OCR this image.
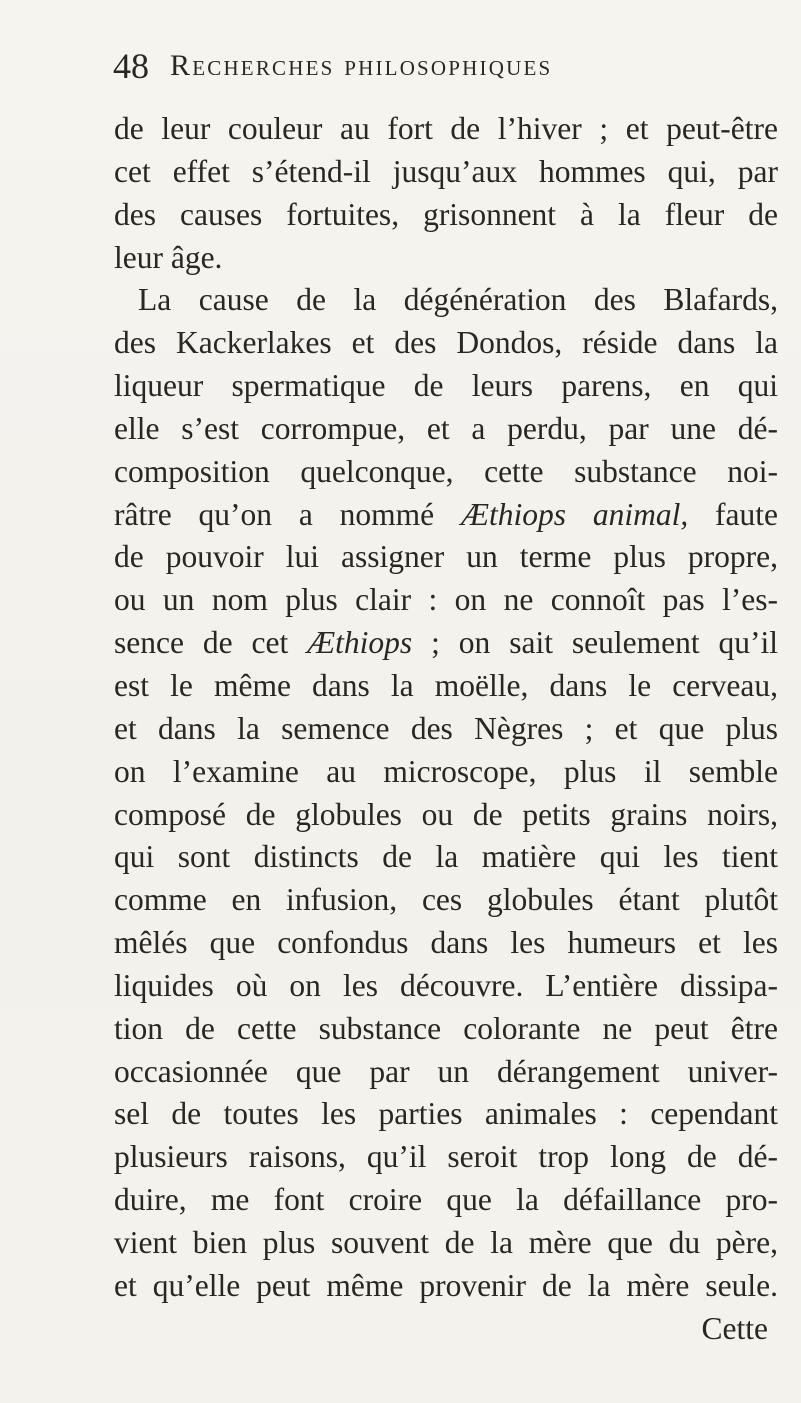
48 Recherches philosophiques
de leur couleur au fort de l’hiver ; et peut-être
cet effet s’étend-il jusqu’aux hommes qui, par
des causes fortuites, grisonnent à la fleur de
leur âge.
La cause de la dégénération des Blafards,
des Kackerlakes et des Dondos, réside dans la
liqueur spermatique de leurs parens, en qui
elle s’est corrompue, et a perdu, par une dé-
composition quelconque, cette substance noi-
râtre qu’on a nommé Æthiops animal, faute
de pouvoir lui assigner un terme plus propre,
ou un nom plus clair : on ne connoît pas l’es-
sence de cet Æthiops ; on sait seulement qu’il
est le même dans la moëlle, dans le cerveau,
et dans la semence des Nègres ; et que plus
on l’examine au microscope, plus il semble
composé de globules ou de petits grains noirs,
qui sont distincts de la matière qui les tient
comme en infusion, ces globules étant plutôt
mêlés que confondus dans les humeurs et les
liquides où on les découvre. L’entière dissipa-
tion de cette substance colorante ne peut être
occasionnée que par un dérangement univer-
sel de toutes les parties animales : cependant
plusieurs raisons, qu’il seroit trop long de dé-
duire, me font croire que la défaillance pro-
vient bien plus souvent de la mère que du père,
et qu’elle peut même provenir de la mère seule.
Cette
